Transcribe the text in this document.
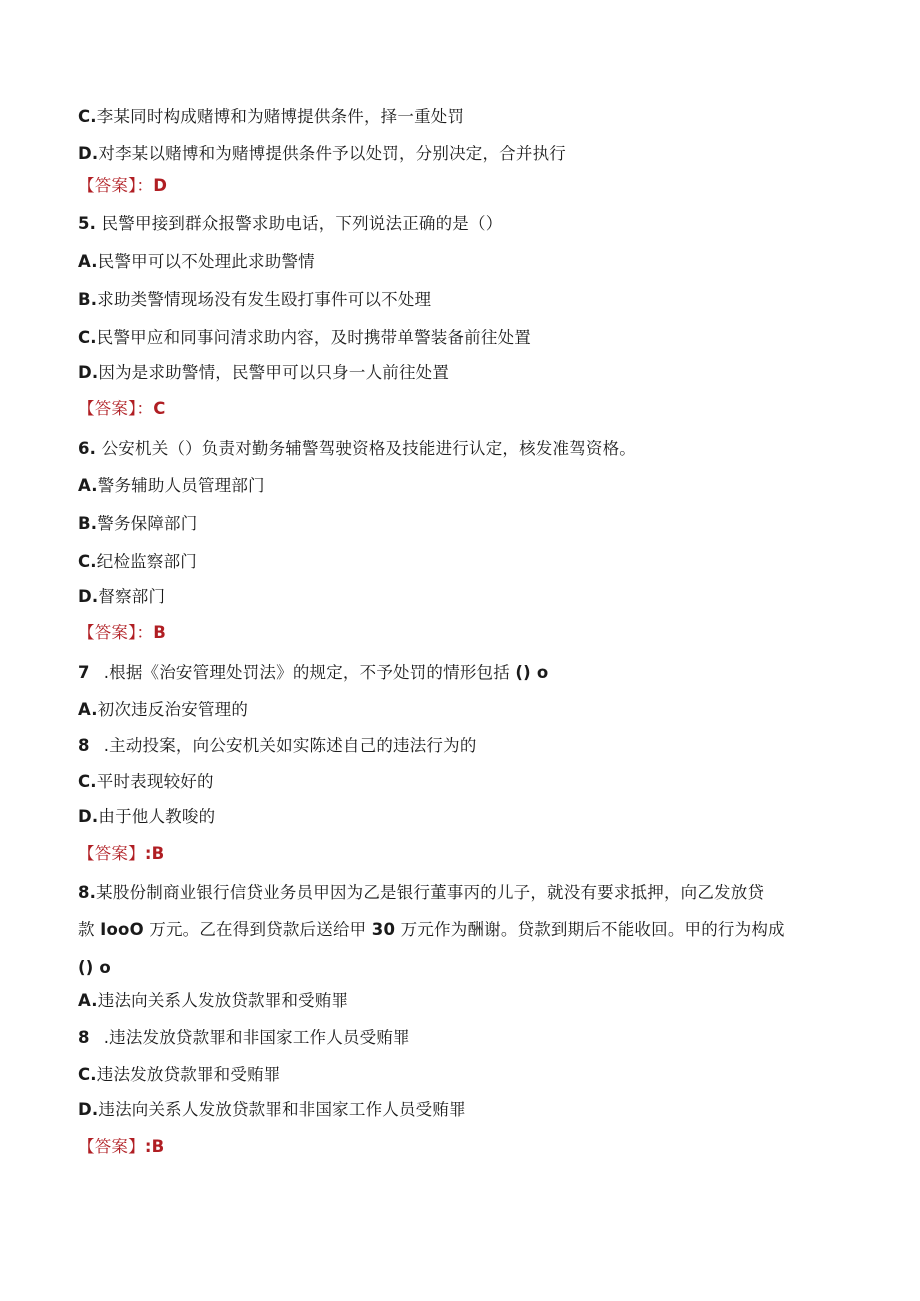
C.李某同时构成赌博和为赌博提供条件，择一重处罚
D.对李某以赌博和为赌博提供条件予以处罚，分别决定，合并执行
【答案】：D
5. 民警甲接到群众报警求助电话，下列说法正确的是（）
A.民警甲可以不处理此求助警情
B.求助类警情现场没有发生殴打事件可以不处理
C.民警甲应和同事问清求助内容，及时携带单警装备前往处置
D.因为是求助警情，民警甲可以只身一人前往处置
【答案】：C
6. 公安机关（）负责对勤务辅警驾驶资格及技能进行认定，核发准驾资格。
A.警务辅助人员管理部门
B.警务保障部门
C.纪检监察部门
D.督察部门
【答案】：B
7 .根据《治安管理处罚法》的规定，不予处罚的情形包括 () o
A.初次违反治安管理的
8 .主动投案，向公安机关如实陈述自己的违法行为的
C.平时表现较好的
D.由于他人教唆的
【答案】:B
8.某股份制商业银行信贷业务员甲因为乙是银行董事丙的儿子，就没有要求抵押，向乙发放贷
款 IooO 万元。乙在得到贷款后送给甲 30 万元作为酬谢。贷款到期后不能收回。甲的行为构成
() o
A.违法向关系人发放贷款罪和受贿罪
8 .违法发放贷款罪和非国家工作人员受贿罪
C.违法发放贷款罪和受贿罪
D.违法向关系人发放贷款罪和非国家工作人员受贿罪
【答案】:B
